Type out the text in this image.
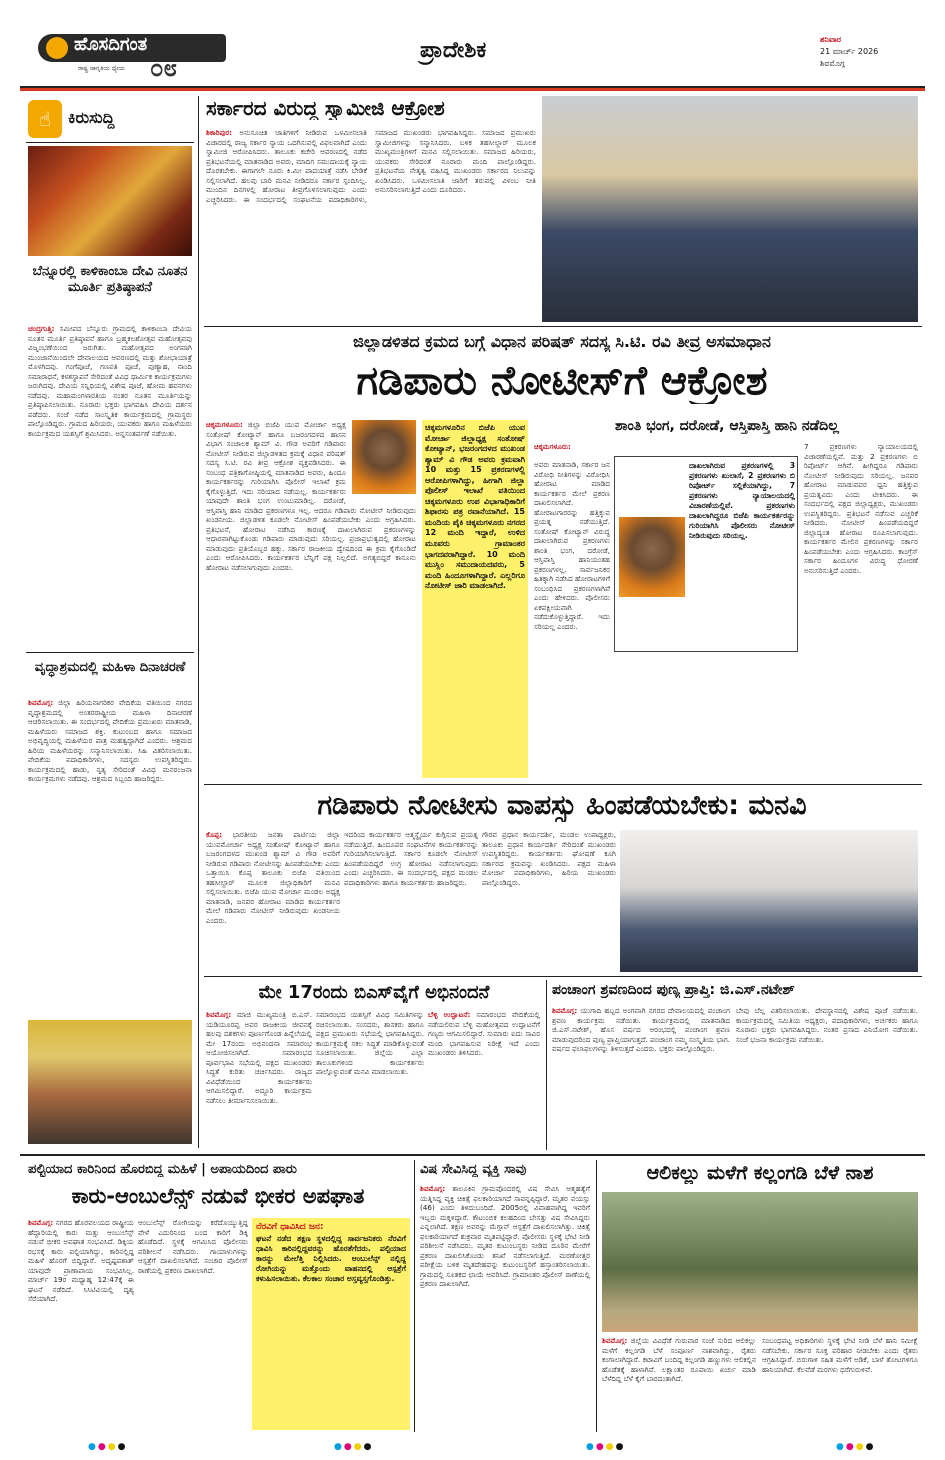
ಹೊಸದಿಗಂತ
ರಾಷ್ಟ್ರ ಜಾಗೃತಿಯ ಧ್ಯೇಯ ೦೮
ಪ್ರಾದೇಶಿಕ	ಶನಿವಾರ
21 ಮಾರ್ಚ್ 2026
ಶಿವಮೊಗ್ಗ
☝	ಕಿರುಸುದ್ದಿ
ಬೆನ್ನೂರಲ್ಲಿ ಕಾಳಿಕಾಂಬಾ ದೇವಿ ನೂತನ ಮೂರ್ತಿ ಪ್ರತಿಷ್ಠಾಪನೆ
ಚಂದ್ರಗುತ್ತಿ: ಸಮೀಪದ ಬೆನ್ನೂರು ಗ್ರಾಮದಲ್ಲಿ ಕಾಳಿಕಾಂಬಾ ದೇವಿಯ ನೂತನ ಮೂರ್ತಿ ಪ್ರತಿಷ್ಠಾಪನೆ ಹಾಗೂ ಬ್ರಹ್ಮಕಲಶೋತ್ಸವ ಮಹೋತ್ಸವವು ವಿಜೃಂಭಣೆಯಿಂದ ಜರುಗಿತು. ಮಹೋತ್ಸವದ ಅಂಗವಾಗಿ ಮುಂಜಾನೆಯಿಂದಲೇ ದೇವಾಲಯದ ಆವರಣದಲ್ಲಿ ಮತ್ತು ಶೋಭಾಯಾತ್ರೆ ಮೊಳಗಿದವು. ಗಂಗೆಪೂಜೆ, ಗಣಪತಿ ಪೂಜೆ, ಪುಣ್ಯಾಹ, ನಾಂದಿ ಸಮಾರಾಧನೆ, ಕಳಶಸ್ಥಾಪನೆ ಸೇರಿದಂತೆ ವಿವಿಧ ಧಾರ್ಮಿಕ ಕಾರ್ಯಕ್ರಮಗಳು ಜರುಗಿದವು. ದೇವಿಯ ಸನ್ನಿಧಿಯಲ್ಲಿ ವಿಶೇಷ ಪೂಜೆ, ಹೋಮ ಹವನಗಳು ನಡೆದವು. ಮಹಾಮಂಗಳಾರತಿಯ ನಂತರ ನೂತನ ಮೂರ್ತಿಯನ್ನು ಪ್ರತಿಷ್ಠಾಪಿಸಲಾಯಿತು. ನೂರಾರು ಭಕ್ತರು ಭಾಗವಹಿಸಿ ದೇವಿಯ ದರ್ಶನ ಪಡೆದರು. ಸಂಜೆ ನಡೆದ ಸಾಂಸ್ಕೃತಿಕ ಕಾರ್ಯಕ್ರಮದಲ್ಲಿ ಗ್ರಾಮಸ್ಥರು ಪಾಲ್ಗೊಂಡಿದ್ದರು. ಗ್ರಾಮದ ಹಿರಿಯರು, ಯುವಕರು ಹಾಗೂ ಮಹಿಳೆಯರು ಕಾರ್ಯಕ್ರಮದ ಯಶಸ್ಸಿಗೆ ಶ್ರಮಿಸಿದರು. ಅನ್ನಸಂತರ್ಪಣೆ ನಡೆಯಿತು.
ವೃದ್ಧಾಶ್ರಮದಲ್ಲಿ ಮಹಿಳಾ ದಿನಾಚರಣೆ
ಶಿವಮೊಗ್ಗ: ಜಿಲ್ಲಾ ಹಿರಿಯನಾಗರಿಕರ ವೇದಿಕೆಯ ವತಿಯಿಂದ ನಗರದ ವೃದ್ಧಾಶ್ರಮದಲ್ಲಿ ಅಂತರರಾಷ್ಟ್ರೀಯ ಮಹಿಳಾ ದಿನಾಚರಣೆ ಆಚರಿಸಲಾಯಿತು. ಈ ಸಂದರ್ಭದಲ್ಲಿ ವೇದಿಕೆಯ ಪ್ರಮುಖರು ಮಾತನಾಡಿ, ಮಹಿಳೆಯರು ಸಮಾಜದ ಶಕ್ತಿ. ಕುಟುಂಬದ ಹಾಗೂ ಸಮಾಜದ ಅಭಿವೃದ್ಧಿಯಲ್ಲಿ ಮಹಿಳೆಯರ ಪಾತ್ರ ಮಹತ್ವದ್ದಾಗಿದೆ ಎಂದರು. ಆಶ್ರಮದ ಹಿರಿಯ ಮಹಿಳೆಯರನ್ನು ಸನ್ಮಾನಿಸಲಾಯಿತು. ಸಿಹಿ ವಿತರಿಸಲಾಯಿತು. ವೇದಿಕೆಯ ಪದಾಧಿಕಾರಿಗಳು, ಸದಸ್ಯರು ಉಪಸ್ಥಿತರಿದ್ದರು. ಕಾರ್ಯಕ್ರಮದಲ್ಲಿ ಹಾಡು, ನೃತ್ಯ ಸೇರಿದಂತೆ ವಿವಿಧ ಮನರಂಜನಾ ಕಾರ್ಯಕ್ರಮಗಳು ನಡೆದವು. ಆಶ್ರಮದ ಸಿಬ್ಬಂದಿ ಹಾಜರಿದ್ದರು.
ಸರ್ಕಾರದ ವಿರುದ್ಧ ಸ್ವಾಮೀಜಿ ಆಕ್ರೋಶ
ಶಿಕಾರಿಪುರ: ಅನುಸೂಚಿತ ಜಾತಿಗಳಿಗೆ ನೀಡಿರುವ ಒಳಮೀಸಲಾತಿ ವಿಚಾರದಲ್ಲಿ ರಾಜ್ಯ ಸರ್ಕಾರ ನ್ಯಾಯ ಒದಗಿಸುವಲ್ಲಿ ವಿಫಲವಾಗಿದೆ ಎಂದು ಸ್ವಾಮೀಜಿ ಆರೋಪಿಸಿದರು. ತಾಲೂಕು ಕಚೇರಿ ಆವರಣದಲ್ಲಿ ನಡೆದ ಪ್ರತಿಭಟನೆಯಲ್ಲಿ ಮಾತನಾಡಿದ ಅವರು, ಮಾದಿಗ ಸಮುದಾಯಕ್ಕೆ ನ್ಯಾಯ ದೊರಕಬೇಕು. ಈಗಾಗಲೇ ನೂರು ಕಿ.ಮೀ ಪಾದಯಾತ್ರೆ ನಡೆಸಿ ಬೇಡಿಕೆ ಸಲ್ಲಿಸಲಾಗಿದೆ. ಹಲವು ಬಾರಿ ಮನವಿ ನೀಡಿದರೂ ಸರ್ಕಾರ ಸ್ಪಂದಿಸಿಲ್ಲ. ಮುಂದಿನ ದಿನಗಳಲ್ಲಿ ಹೋರಾಟ ತೀವ್ರಗೊಳಿಸಲಾಗುವುದು ಎಂದು ಎಚ್ಚರಿಸಿದರು. ಈ ಸಂದರ್ಭದಲ್ಲಿ ಸಂಘಟನೆಯ ಪದಾಧಿಕಾರಿಗಳು, ಸಮಾಜದ ಮುಖಂಡರು ಭಾಗವಹಿಸಿದ್ದರು. ಸಮಾಜದ ಪ್ರಮುಖರು ಸ್ವಾಮೀಜಿಗಳನ್ನು ಸನ್ಮಾನಿಸಿದರು. ಬಳಿಕ ತಹಸೀಲ್ದಾರ್ ಮೂಲಕ ಮುಖ್ಯಮಂತ್ರಿಗಳಿಗೆ ಮನವಿ ಸಲ್ಲಿಸಲಾಯಿತು. ಸಮಾಜದ ಹಿರಿಯರು, ಯುವಕರು ಸೇರಿದಂತೆ ನೂರಾರು ಮಂದಿ ಪಾಲ್ಗೊಂಡಿದ್ದರು. ಪ್ರತಿಭಟನೆಯ ನೇತೃತ್ವ ವಹಿಸಿದ್ದ ಮುಖಂಡರು ಸರ್ಕಾರದ ನಿಲುವನ್ನು ಖಂಡಿಸಿದರು. ಒಳಮೀಸಲಾತಿ ಜಾರಿಗೆ ತರುವಲ್ಲಿ ವಿಳಂಬ ನೀತಿ ಅನುಸರಿಸಲಾಗುತ್ತಿದೆ ಎಂದು ದೂರಿದರು.
ಜಿಲ್ಲಾಡಳಿತದ ಕ್ರಮದ ಬಗ್ಗೆ ವಿಧಾನ ಪರಿಷತ್ ಸದಸ್ಯ ಸಿ.ಟಿ. ರವಿ ತೀವ್ರ ಅಸಮಾಧಾನ
ಗಡಿಪಾರು ನೋಟೀಸ್‌ಗೆ ಆಕ್ರೋಶ
ಶಾಂತಿ ಭಂಗ, ದರೋಡೆ, ಆಸ್ತಿಪಾಸ್ತಿ ಹಾನಿ ನಡೆದಿಲ್ಲ
ಚಿಕ್ಕಮಗಳೂರು: ಜಿಲ್ಲಾ ಬಿಜೆಪಿ ಯುವ ಮೋರ್ಚಾ ಅಧ್ಯಕ್ಷ ಸಂತೋಷ್ ಕೋಟ್ಯಾನ್ ಹಾಗೂ ಬಜರಂಗದಳದ ಹಾಸನ ವಿಭಾಗ ಸಂಚಾಲಕ ಶ್ಯಾಮ್ ವಿ. ಗೌಡ ಅವರಿಗೆ ಗಡಿಪಾರು ನೋಟೀಸ್ ನೀಡಿರುವ ಜಿಲ್ಲಾಡಳಿತದ ಕ್ರಮಕ್ಕೆ ವಿಧಾನ ಪರಿಷತ್ ಸದಸ್ಯ ಸಿ.ಟಿ. ರವಿ ತೀವ್ರ ಆಕ್ರೋಶ ವ್ಯಕ್ತಪಡಿಸಿದರು. ಈ ಸಂಬಂಧ ಪತ್ರಿಕಾಗೋಷ್ಠಿಯಲ್ಲಿ ಮಾತನಾಡಿದ ಅವರು, ಹಿಂದೂ ಕಾರ್ಯಕರ್ತರನ್ನು ಗುರಿಯಾಗಿಸಿ ಪೊಲೀಸ್ ಇಲಾಖೆ ಕ್ರಮ ಕೈಗೊಳ್ಳುತ್ತಿದೆ. ಇದು ಸರಿಯಾದ ನಡೆಯಲ್ಲ. ಕಾರ್ಯಕರ್ತರು ಯಾವುದೇ ಶಾಂತಿ ಭಂಗ ಉಂಟುಮಾಡಿಲ್ಲ. ದರೋಡೆ, ಆಸ್ತಿಪಾಸ್ತಿ ಹಾನಿ ಮಾಡಿದ ಪ್ರಕರಣಗಳೂ ಇಲ್ಲ. ಆದರೂ ಗಡಿಪಾರು ನೋಟೀಸ್ ನೀಡಿರುವುದು ಖಂಡನೀಯ. ಜಿಲ್ಲಾಡಳಿತ ಕೂಡಲೇ ನೋಟೀಸ್ ಹಿಂಪಡೆಯಬೇಕು ಎಂದು ಆಗ್ರಹಿಸಿದರು. ಪ್ರತಿಭಟನೆ, ಹೋರಾಟ ನಡೆಸಿದ ಕಾರಣಕ್ಕೆ ದಾಖಲಾಗಿರುವ ಪ್ರಕರಣಗಳನ್ನು ಆಧಾರವಾಗಿಟ್ಟುಕೊಂಡು ಗಡಿಪಾರು ಮಾಡುವುದು ಸರಿಯಲ್ಲ. ಪ್ರಜಾಪ್ರಭುತ್ವದಲ್ಲಿ ಹೋರಾಟ ಮಾಡುವುದು ಪ್ರತಿಯೊಬ್ಬರ ಹಕ್ಕು. ಸರ್ಕಾರ ರಾಜಕೀಯ ದ್ವೇಷದಿಂದ ಈ ಕ್ರಮ ಕೈಗೊಂಡಿದೆ ಎಂದು ಆರೋಪಿಸಿದರು. ಕಾರ್ಯಕರ್ತರ ಬೆನ್ನಿಗೆ ಪಕ್ಷ ನಿಲ್ಲಲಿದೆ. ಅಗತ್ಯಬಿದ್ದರೆ ಕಾನೂನು ಹೋರಾಟ ನಡೆಸಲಾಗುವುದು ಎಂದರು.
ಚಿಕ್ಕಮಗಳೂರಿನ ಬಿಜೆಪಿ ಯುವ ಮೋರ್ಚಾ ಜಿಲ್ಲಾಧ್ಯಕ್ಷ ಸಂತೋಷ್ ಕೋಟ್ಯಾನ್, ಭಜರಂಗದಳದ ಮುಖಂಡ ಶ್ಯಾಮ್ ವಿ ಗೌಡ ಅವರು ಕ್ರಮವಾಗಿ 10 ಮತ್ತು 15 ಪ್ರಕರಣಗಳಲ್ಲಿ ಆರೋಪಿಗಳಾಗಿದ್ದು, ಹೀಗಾಗಿ ಜಿಲ್ಲಾ ಪೊಲೀಸ್ ಇಲಾಖೆ ವತಿಯಿಂದ ಚಿಕ್ಕಮಗಳೂರು ಉಪ ವಿಭಾಗಾಧಿಕಾರಿಗೆ ಶಿಫಾರಸು ಪತ್ರ ರವಾನೆಯಾಗಿದೆ. 15 ಮಂದಿಯ ಪೈಕಿ ಚಿಕ್ಕಮಗಳೂರು ನಗರದ 12 ಮಂದಿ ಇದ್ದಾರೆ, ಉಳಿದ ಮೂವರು ಗ್ರಾಮಾಂತರ ಭಾಗದವರಾಗಿದ್ದಾರೆ. 10 ಮಂದಿ ಮುಸ್ಲಿಂ ಸಮುದಾಯದವರು, 5 ಮಂದಿ ಹಿಂದೂಗಳಾಗಿದ್ದಾರೆ. ಎಲ್ಲರಿಗೂ ನೋಟೀಸ್ ಜಾರಿ ಮಾಡಲಾಗಿದೆ.
ಚಿಕ್ಕಮಗಳೂರು:
ದಾಖಲಾಗಿರುವ ಪ್ರಕರಣಗಳಲ್ಲಿ 3 ಪ್ರಕರಣಗಳು ಖುಲಾಸೆ, 2 ಪ್ರಕರಣಗಳು ಬಿ ರಿಪೋರ್ಟ್ ಸಲ್ಲಿಕೆಯಾಗಿದ್ದು, 7 ಪ್ರಕರಣಗಳು ನ್ಯಾಯಾಲಯದಲ್ಲಿ ವಿಚಾರಣೆಯಲ್ಲಿವೆ. ಪ್ರಕರಣಗಳು ದಾಖಲಾಗಿದ್ದರೂ ಬಿಜೆಪಿ ಕಾರ್ಯಕರ್ತರನ್ನು ಗುರಿಯಾಗಿಸಿ ಪೊಲೀಸರು ನೋಟೀಸ್ ನೀಡಿರುವುದು ಸರಿಯಲ್ಲ.
ಅವರು ಮಾತನಾಡಿ, ಸರ್ಕಾರ ಜನ ವಿರೋಧಿ ನೀತಿಗಳನ್ನು ವಿರೋಧಿಸಿ ಹೋರಾಟ ಮಾಡಿದ ಕಾರ್ಯಕರ್ತರ ಮೇಲೆ ಪ್ರಕರಣ ದಾಖಲಿಸಲಾಗಿದೆ. ಹೋರಾಟಗಾರರನ್ನು ಹತ್ತಿಕ್ಕುವ ಪ್ರಯತ್ನ ನಡೆಯುತ್ತಿದೆ. ಸಂತೋಷ್ ಕೋಟ್ಯಾನ್ ವಿರುದ್ಧ ದಾಖಲಾಗಿರುವ ಪ್ರಕರಣಗಳು ಶಾಂತಿ ಭಂಗ, ದರೋಡೆ, ಆಸ್ತಿಪಾಸ್ತಿ ಹಾನಿಯಂತಹ ಪ್ರಕರಣಗಳಲ್ಲ. ಸಾರ್ವಜನಿಕರ ಹಿತಕ್ಕಾಗಿ ನಡೆಸಿದ ಹೋರಾಟಗಳಿಗೆ ಸಂಬಂಧಿಸಿದ ಪ್ರಕರಣಗಳಾಗಿವೆ ಎಂದು ಹೇಳಿದರು. ಪೊಲೀಸರು ಏಕಪಕ್ಷೀಯವಾಗಿ ನಡೆದುಕೊಳ್ಳುತ್ತಿದ್ದಾರೆ. ಇದು ಸರಿಯಲ್ಲ ಎಂದರು.
7 ಪ್ರಕರಣಗಳು ನ್ಯಾಯಾಲಯದಲ್ಲಿ ವಿಚಾರಣೆಯಲ್ಲಿವೆ. ಮತ್ತು 2 ಪ್ರಕರಣಗಳು ಬಿ ರಿಪೋರ್ಟ್ ಆಗಿವೆ. ಹೀಗಿದ್ದರೂ ಗಡಿಪಾರು ನೋಟೀಸ್ ನೀಡಿರುವುದು ಸರಿಯಲ್ಲ. ಜನಪರ ಹೋರಾಟ ಮಾಡುವವರ ಧ್ವನಿ ಹತ್ತಿಕ್ಕುವ ಪ್ರಯತ್ನವಿದು ಎಂದು ಟೀಕಿಸಿದರು. ಈ ಸಂದರ್ಭದಲ್ಲಿ ಪಕ್ಷದ ಜಿಲ್ಲಾಧ್ಯಕ್ಷರು, ಮುಖಂಡರು ಉಪಸ್ಥಿತರಿದ್ದರು. ಪ್ರತಿಭಟನೆ ನಡೆಸುವ ಎಚ್ಚರಿಕೆ ನೀಡಿದರು. ನೋಟೀಸ್ ಹಿಂಪಡೆಯದಿದ್ದರೆ ಜಿಲ್ಲಾದ್ಯಂತ ಹೋರಾಟ ರೂಪಿಸಲಾಗುವುದು. ಕಾರ್ಯಕರ್ತರ ಮೇಲಿನ ಪ್ರಕರಣಗಳನ್ನು ಸರ್ಕಾರ ಹಿಂಪಡೆಯಬೇಕು ಎಂದು ಆಗ್ರಹಿಸಿದರು. ಕಾಂಗ್ರೆಸ್ ಸರ್ಕಾರ ಹಿಂದೂಗಳ ವಿರುದ್ಧ ಧೋರಣೆ ಅನುಸರಿಸುತ್ತಿದೆ ಎಂದರು.
ಗಡಿಪಾರು ನೋಟೀಸು ವಾಪಸ್ಸು ಹಿಂಪಡೆಯಬೇಕು: ಮನವಿ
ಕೊಪ್ಪ: ಭಾರತೀಯ ಜನತಾ ಪಾರ್ಟಿಯ ಜಿಲ್ಲಾ ಯುವಮೋರ್ಚಾ ಅಧ್ಯಕ್ಷ ಸಂತೋಷ್ ಕೋಟ್ಯಾನ್ ಹಾಗೂ ಬಜರಂಗದಳದ ಮುಖಂಡ ಶ್ಯಾಮ್ ವಿ ಗೌಡ ಅವರಿಗೆ ನೀಡಿರುವ ಗಡಿಪಾರು ನೋಟೀಸನ್ನು ಹಿಂಪಡೆಯಬೇಕು ಎಂದು ಒತ್ತಾಯಿಸಿ ಕೊಪ್ಪ ತಾಲೂಕು ಬಿಜೆಪಿ ವತಿಯಿಂದ ತಹಸೀಲ್ದಾರ್ ಮೂಲಕ ಜಿಲ್ಲಾಧಿಕಾರಿಗೆ ಮನವಿ ಸಲ್ಲಿಸಲಾಯಿತು. ಬಿಜೆಪಿ ಯುವ ಮೋರ್ಚಾ ಮಂಡಲ ಅಧ್ಯಕ್ಷ ಮಾತನಾಡಿ, ಜನಪರ ಹೋರಾಟ ಮಾಡಿದ ಕಾರ್ಯಕರ್ತರ ಮೇಲೆ ಗಡಿಪಾರು ನೋಟೀಸ್ ನೀಡಿರುವುದು ಖಂಡನೀಯ ಎಂದರು.
ಇದರಿಂದ ಕಾರ್ಯಕರ್ತರ ಆತ್ಮಸ್ಥೈರ್ಯ ಕುಗ್ಗಿಸುವ ಪ್ರಯತ್ನ ನಡೆಯುತ್ತಿದೆ. ಹಿಂದೂಪರ ಸಂಘಟನೆಗಳ ಕಾರ್ಯಕರ್ತರನ್ನು ಗುರಿಯಾಗಿಸಲಾಗುತ್ತಿದೆ. ಸರ್ಕಾರ ಕೂಡಲೇ ನೋಟೀಸ್ ಹಿಂಪಡೆಯದಿದ್ದರೆ ಉಗ್ರ ಹೋರಾಟ ನಡೆಸಲಾಗುವುದು ಎಂದು ಎಚ್ಚರಿಸಿದರು. ಈ ಸಂದರ್ಭದಲ್ಲಿ ಪಕ್ಷದ ಮಂಡಲ ಪದಾಧಿಕಾರಿಗಳು ಹಾಗೂ ಕಾರ್ಯಕರ್ತರು ಹಾಜರಿದ್ದರು.
ಗೌರವ ಪ್ರಧಾನ ಕಾರ್ಯದರ್ಶಿ, ಮಂಡಲ ಉಪಾಧ್ಯಕ್ಷರು, ತಾಲೂಕು ಪ್ರಧಾನ ಕಾರ್ಯದರ್ಶಿ ಸೇರಿದಂತೆ ಮುಖಂಡರು ಉಪಸ್ಥಿತರಿದ್ದರು. ಕಾರ್ಯಕರ್ತರು ಘೋಷಣೆ ಕೂಗಿ ಸರ್ಕಾರದ ಕ್ರಮವನ್ನು ಖಂಡಿಸಿದರು. ಪಕ್ಷದ ಮಹಿಳಾ ಮೋರ್ಚಾ ಪದಾಧಿಕಾರಿಗಳು, ಹಿರಿಯ ಮುಖಂಡರು ಪಾಲ್ಗೊಂಡಿದ್ದರು.
ಮೇ 17ರಂದು ಬಿಎಸ್‌ವೈಗೆ ಅಭಿನಂದನೆ
ಶಿವಮೊಗ್ಗ: ಮಾಜಿ ಮುಖ್ಯಮಂತ್ರಿ ಬಿ.ಎಸ್. ಯಡಿಯೂರಪ್ಪ ಅವರ ರಾಜಕೀಯ ಜೀವನಕ್ಕೆ ಹಲವು ದಶಕಗಳು ಪೂರ್ಣಗೊಂಡ ಹಿನ್ನೆಲೆಯಲ್ಲಿ ಮೇ 17ರಂದು ಅಭಿನಂದನಾ ಸಮಾರಂಭ ಆಯೋಜಿಸಲಾಗಿದೆ. ಸಮಾರಂಭದ ಪೂರ್ವಭಾವಿ ಸಭೆಯಲ್ಲಿ ಪಕ್ಷದ ಮುಖಂಡರು ಸಿದ್ಧತೆ ಕುರಿತು ಚರ್ಚಿಸಿದರು. ರಾಜ್ಯದ ವಿವಿಧೆಡೆಯಿಂದ ಕಾರ್ಯಕರ್ತರು ಆಗಮಿಸಲಿದ್ದಾರೆ. ಅದ್ದೂರಿ ಕಾರ್ಯಕ್ರಮ ನಡೆಸಲು ತೀರ್ಮಾನಿಸಲಾಯಿತು.
ಸಮಾರಂಭದ ಯಶಸ್ಸಿಗೆ ವಿವಿಧ ಸಮಿತಿಗಳನ್ನು ರಚಿಸಲಾಯಿತು. ಸಂಸದರು, ಶಾಸಕರು ಹಾಗೂ ಪಕ್ಷದ ಪ್ರಮುಖರು ಸಭೆಯಲ್ಲಿ ಭಾಗವಹಿಸಿದ್ದರು. ಕಾರ್ಯಕ್ರಮಕ್ಕೆ ಸಕಲ ಸಿದ್ಧತೆ ಮಾಡಿಕೊಳ್ಳುವಂತೆ ಸೂಚಿಸಲಾಯಿತು. ಜಿಲ್ಲೆಯ ಎಲ್ಲಾ ತಾಲೂಕುಗಳಿಂದ ಕಾರ್ಯಕರ್ತರು ಪಾಲ್ಗೊಳ್ಳುವಂತೆ ಮನವಿ ಮಾಡಲಾಯಿತು.
ಬೆಳ್ಳಿ ಉದ್ಘಾಟನೆ: ಸಮಾರಂಭದ ವೇದಿಕೆಯಲ್ಲಿ ನಡೆಯಲಿರುವ ಬೆಳ್ಳಿ ಮಹೋತ್ಸವದ ಉದ್ಘಾಟನೆಗೆ ಗಣ್ಯರು ಆಗಮಿಸಲಿದ್ದಾರೆ. ಸುಮಾರು ಐದು ಸಾವಿರ ಮಂದಿ ಭಾಗವಹಿಸುವ ನಿರೀಕ್ಷೆ ಇದೆ ಎಂದು ಮುಖಂಡರು ತಿಳಿಸಿದರು.
ಪಂಚಾಂಗ ಶ್ರವಣದಿಂದ ಪುಣ್ಯ ಪ್ರಾಪ್ತಿ: ಜಿ.ಎಸ್.ನಟೇಶ್
ಶಿವಮೊಗ್ಗ: ಯುಗಾದಿ ಹಬ್ಬದ ಅಂಗವಾಗಿ ನಗರದ ದೇವಾಲಯದಲ್ಲಿ ಪಂಚಾಂಗ ಶ್ರವಣ ಕಾರ್ಯಕ್ರಮ ನಡೆಯಿತು. ಕಾರ್ಯಕ್ರಮದಲ್ಲಿ ಮಾತನಾಡಿದ ಜಿ.ಎಸ್.ನಟೇಶ್, ಹೊಸ ವರ್ಷದ ಆರಂಭದಲ್ಲಿ ಪಂಚಾಂಗ ಶ್ರವಣ ಮಾಡುವುದರಿಂದ ಪುಣ್ಯ ಪ್ರಾಪ್ತಿಯಾಗುತ್ತದೆ. ಪಂಚಾಂಗ ನಮ್ಮ ಸಂಸ್ಕೃತಿಯ ಭಾಗ. ವರ್ಷದ ಫಲಾಫಲಗಳನ್ನು ತಿಳಿಸುತ್ತದೆ ಎಂದರು. ಭಕ್ತರು ಪಾಲ್ಗೊಂಡಿದ್ದರು.
ಬೇವು ಬೆಲ್ಲ ವಿತರಿಸಲಾಯಿತು. ದೇವಸ್ಥಾನದಲ್ಲಿ ವಿಶೇಷ ಪೂಜೆ ನಡೆಯಿತು. ಕಾರ್ಯಕ್ರಮದಲ್ಲಿ ಸಮಿತಿಯ ಅಧ್ಯಕ್ಷರು, ಪದಾಧಿಕಾರಿಗಳು, ಅರ್ಚಕರು ಹಾಗೂ ನೂರಾರು ಭಕ್ತರು ಭಾಗವಹಿಸಿದ್ದರು. ನಂತರ ಪ್ರಸಾದ ವಿನಿಯೋಗ ನಡೆಯಿತು. ಸಂಜೆ ಭಜನಾ ಕಾರ್ಯಕ್ರಮ ನಡೆಯಿತು.
ಪಲ್ಟಿಯಾದ ಕಾರಿನಿಂದ ಹೊರಬಿದ್ದ ಮಹಿಳೆ | ಅಪಾಯದಿಂದ ಪಾರು
ಕಾರು-ಆಂಬುಲೆನ್ಸ್ ನಡುವೆ ಭೀಕರ ಅಪಘಾತ
ಶಿವಮೊಗ್ಗ: ನಗರದ ಹೊರವಲಯದ ರಾಷ್ಟ್ರೀಯ ಹೆದ್ದಾರಿಯಲ್ಲಿ ಕಾರು ಮತ್ತು ಆಂಬುಲೆನ್ಸ್ ನಡುವೆ ಭೀಕರ ಅಪಘಾತ ಸಂಭವಿಸಿದೆ. ಡಿಕ್ಕಿಯ ರಭಸಕ್ಕೆ ಕಾರು ಪಲ್ಟಿಯಾಗಿದ್ದು, ಕಾರಿನಲ್ಲಿದ್ದ ಮಹಿಳೆ ಹೊರಗೆ ಬಿದ್ದಿದ್ದಾರೆ. ಅದೃಷ್ಟವಶಾತ್ ಯಾವುದೇ ಪ್ರಾಣಾಪಾಯ ಸಂಭವಿಸಿಲ್ಲ. ಮಾರ್ಚ್ 19ರ ಮಧ್ಯಾಹ್ನ 12:47ಕ್ಕೆ ಈ ಘಟನೆ ನಡೆದಿದೆ. ಸಿಸಿಟಿವಿಯಲ್ಲಿ ದೃಶ್ಯ ಸೆರೆಯಾಗಿದೆ.
ಆಂಬುಲೆನ್ಸ್ ರೋಗಿಯನ್ನು ಕರೆದೊಯ್ಯುತ್ತಿದ್ದ ವೇಳೆ ಎದುರಿನಿಂದ ಬಂದ ಕಾರಿಗೆ ಡಿಕ್ಕಿ ಹೊಡೆದಿದೆ. ಸ್ಥಳಕ್ಕೆ ಆಗಮಿಸಿದ ಪೊಲೀಸರು ಪರಿಶೀಲನೆ ನಡೆಸಿದರು. ಗಾಯಾಳುಗಳನ್ನು ಆಸ್ಪತ್ರೆಗೆ ದಾಖಲಿಸಲಾಗಿದೆ. ಸಂಚಾರ ಪೊಲೀಸ್ ಠಾಣೆಯಲ್ಲಿ ಪ್ರಕರಣ ದಾಖಲಾಗಿದೆ.
ನೆರವಿಗೆ ಧಾವಿಸಿದ ಜನ:
ಘಟನೆ ನಡೆದ ತಕ್ಷಣ ಸ್ಥಳದಲ್ಲಿದ್ದ ಸಾರ್ವಜನಿಕರು ನೆರವಿಗೆ ಧಾವಿಸಿ ಕಾರಿನಲ್ಲಿದ್ದವರನ್ನು ಹೊರತೆಗೆದರು. ಪಲ್ಟಿಯಾದ ಕಾರನ್ನು ಮೇಲೆತ್ತಿ ನಿಲ್ಲಿಸಿದರು. ಆಂಬುಲೆನ್ಸ್ ನಲ್ಲಿದ್ದ ರೋಗಿಯನ್ನು ಮತ್ತೊಂದು ವಾಹನದಲ್ಲಿ ಆಸ್ಪತ್ರೆಗೆ ಕಳುಹಿಸಲಾಯಿತು. ಕೆಲಕಾಲ ಸಂಚಾರ ಅಸ್ತವ್ಯಸ್ತಗೊಂಡಿತ್ತು.
ವಿಷ ಸೇವಿಸಿದ್ದ ವ್ಯಕ್ತಿ ಸಾವು
ಶಿವಮೊಗ್ಗ: ತಾಲೂಕಿನ ಗ್ರಾಮವೊಂದರಲ್ಲಿ ವಿಷ ಸೇವಿಸಿ ಆತ್ಮಹತ್ಯೆಗೆ ಯತ್ನಿಸಿದ್ದ ವ್ಯಕ್ತಿ ಚಿಕಿತ್ಸೆ ಫಲಕಾರಿಯಾಗದೆ ಸಾವನ್ನಪ್ಪಿದ್ದಾರೆ. ಮೃತರ ವಯಸ್ಸು (46) ಎಂದು ತಿಳಿದುಬಂದಿದೆ. 2005ರಲ್ಲಿ ವಿವಾಹವಾಗಿದ್ದ ಇವರಿಗೆ ಇಬ್ಬರು ಮಕ್ಕಳಿದ್ದಾರೆ. ಕೌಟುಂಬಿಕ ಕಲಹದಿಂದ ಬೇಸತ್ತು ವಿಷ ಸೇವಿಸಿದ್ದರು ಎನ್ನಲಾಗಿದೆ. ತಕ್ಷಣ ಅವರನ್ನು ಮೆಗ್ಗಾನ್ ಆಸ್ಪತ್ರೆಗೆ ದಾಖಲಿಸಲಾಗಿತ್ತು. ಚಿಕಿತ್ಸೆ ಫಲಕಾರಿಯಾಗದೆ ಶುಕ್ರವಾರ ಮೃತಪಟ್ಟಿದ್ದಾರೆ. ಪೊಲೀಸರು ಸ್ಥಳಕ್ಕೆ ಭೇಟಿ ನೀಡಿ ಪರಿಶೀಲನೆ ನಡೆಸಿದರು. ಮೃತರ ಕುಟುಂಬಸ್ಥರು ನೀಡಿದ ದೂರಿನ ಮೇರೆಗೆ ಪ್ರಕರಣ ದಾಖಲಿಸಿಕೊಂಡು ತನಿಖೆ ನಡೆಸಲಾಗುತ್ತಿದೆ. ಮರಣೋತ್ತರ ಪರೀಕ್ಷೆಯ ಬಳಿಕ ಮೃತದೇಹವನ್ನು ಕುಟುಂಬಸ್ಥರಿಗೆ ಹಸ್ತಾಂತರಿಸಲಾಯಿತು. ಗ್ರಾಮದಲ್ಲಿ ಸೂತಕದ ಛಾಯೆ ಆವರಿಸಿದೆ. ಗ್ರಾಮಾಂತರ ಪೊಲೀಸ್ ಠಾಣೆಯಲ್ಲಿ ಪ್ರಕರಣ ದಾಖಲಾಗಿದೆ.
ಆಲಿಕಲ್ಲು ಮಳೆಗೆ ಕಲ್ಲಂಗಡಿ ಬೆಳೆ ನಾಶ
ಶಿವಮೊಗ್ಗ: ಜಿಲ್ಲೆಯ ವಿವಿಧೆಡೆ ಗುರುವಾರ ಸಂಜೆ ಸುರಿದ ಆಲಿಕಲ್ಲು ಮಳೆಗೆ ಕಲ್ಲಂಗಡಿ ಬೆಳೆ ಸಂಪೂರ್ಣ ನಾಶವಾಗಿದ್ದು, ರೈತರು ಕಂಗಾಲಾಗಿದ್ದಾರೆ. ಕಟಾವಿಗೆ ಬಂದಿದ್ದ ಕಲ್ಲಂಗಡಿ ಹಣ್ಣುಗಳು ಆಲಿಕಲ್ಲಿನ ಹೊಡೆತಕ್ಕೆ ಹಾಳಾಗಿವೆ. ಲಕ್ಷಾಂತರ ರೂಪಾಯಿ ಖರ್ಚು ಮಾಡಿ ಬೆಳೆದಿದ್ದ ಬೆಳೆ ಕೈಗೆ ಬಾರದಂತಾಗಿದೆ.
ಸಂಬಂಧಪಟ್ಟ ಅಧಿಕಾರಿಗಳು ಸ್ಥಳಕ್ಕೆ ಭೇಟಿ ನೀಡಿ ಬೆಳೆ ಹಾನಿ ಸಮೀಕ್ಷೆ ನಡೆಸಬೇಕು. ಸರ್ಕಾರ ಸೂಕ್ತ ಪರಿಹಾರ ನೀಡಬೇಕು ಎಂದು ರೈತರು ಆಗ್ರಹಿಸಿದ್ದಾರೆ. ಬಿರುಗಾಳಿ ಸಹಿತ ಮಳೆಗೆ ಅಡಿಕೆ, ಬಾಳೆ ತೋಟಗಳಿಗೂ ಹಾನಿಯಾಗಿದೆ. ಕೆಲವೆಡೆ ಮರಗಳು ಧರೆಗುರುಳಿವೆ.
●●●●	●●●●	●●●●	●●●●
